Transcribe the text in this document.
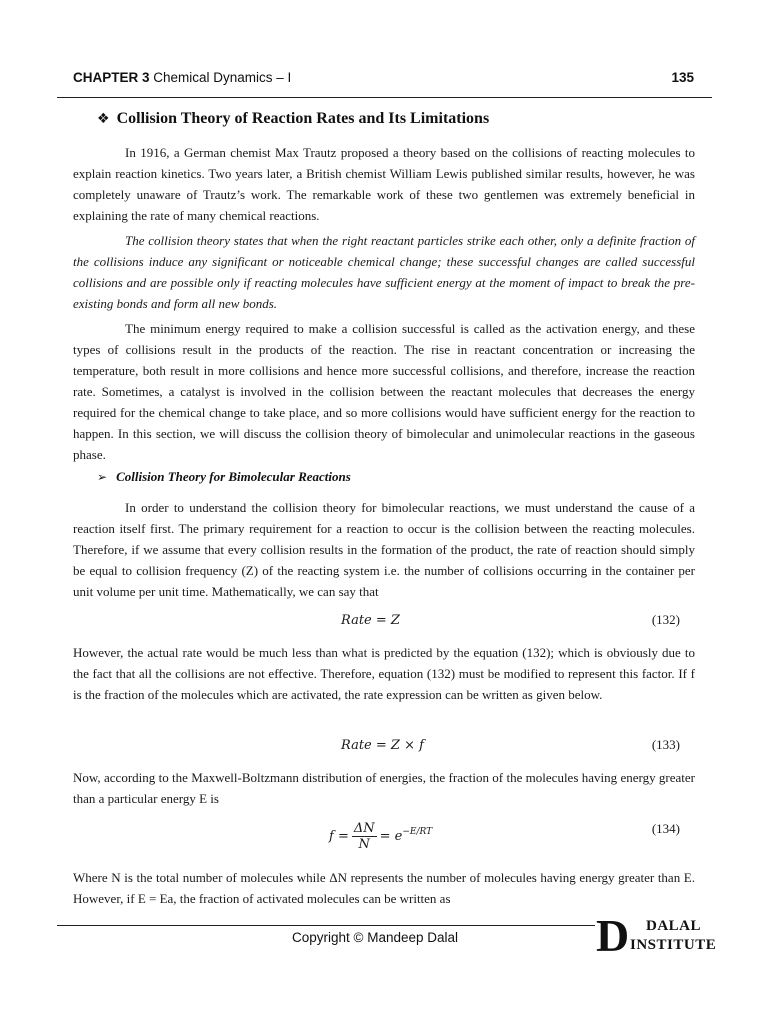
CHAPTER 3 Chemical Dynamics – I	135
❖ Collision Theory of Reaction Rates and Its Limitations

In 1916, a German chemist Max Trautz proposed a theory based on the collisions of reacting molecules to explain reaction kinetics. Two years later, a British chemist William Lewis published similar results, however, he was completely unaware of Trautz’s work. The remarkable work of these two gentlemen was extremely beneficial in explaining the rate of many chemical reactions.

The collision theory states that when the right reactant particles strike each other, only a definite fraction of the collisions induce any significant or noticeable chemical change; these successful changes are called successful collisions and are possible only if reacting molecules have sufficient energy at the moment of impact to break the pre-existing bonds and form all new bonds.

The minimum energy required to make a collision successful is called as the activation energy, and these types of collisions result in the products of the reaction. The rise in reactant concentration or increasing the temperature, both result in more collisions and hence more successful collisions, and therefore, increase the reaction rate. Sometimes, a catalyst is involved in the collision between the reactant molecules that decreases the energy required for the chemical change to take place, and so more collisions would have sufficient energy for the reaction to happen. In this section, we will discuss the collision theory of bimolecular and unimolecular reactions in the gaseous phase.

➢ Collision Theory for Bimolecular Reactions

In order to understand the collision theory for bimolecular reactions, we must understand the cause of a reaction itself first. The primary requirement for a reaction to occur is the collision between the reacting molecules. Therefore, if we assume that every collision results in the formation of the product, the rate of reaction should simply be equal to collision frequency (Z) of the reacting system i.e. the number of collisions occurring in the container per unit volume per unit time. Mathematically, we can say that

Rate = Z	(132)

However, the actual rate would be much less than what is predicted by the equation (132); which is obviously due to the fact that all the collisions are not effective. Therefore, equation (132) must be modified to represent this factor. If f is the fraction of the molecules which are activated, the rate expression can be written as given below.

Rate = Z × f	(133)

Now, according to the Maxwell-Boltzmann distribution of energies, the fraction of the molecules having energy greater than a particular energy E is

$f = \frac{\Delta N}{N} = e^{-E/RT}$	(134)

Where N is the total number of molecules while ΔN represents the number of molecules having energy greater than E. However, if E = Ea, the fraction of activated molecules can be written as

Copyright © Mandeep Dalal	D DALAL
INSTITUTE
